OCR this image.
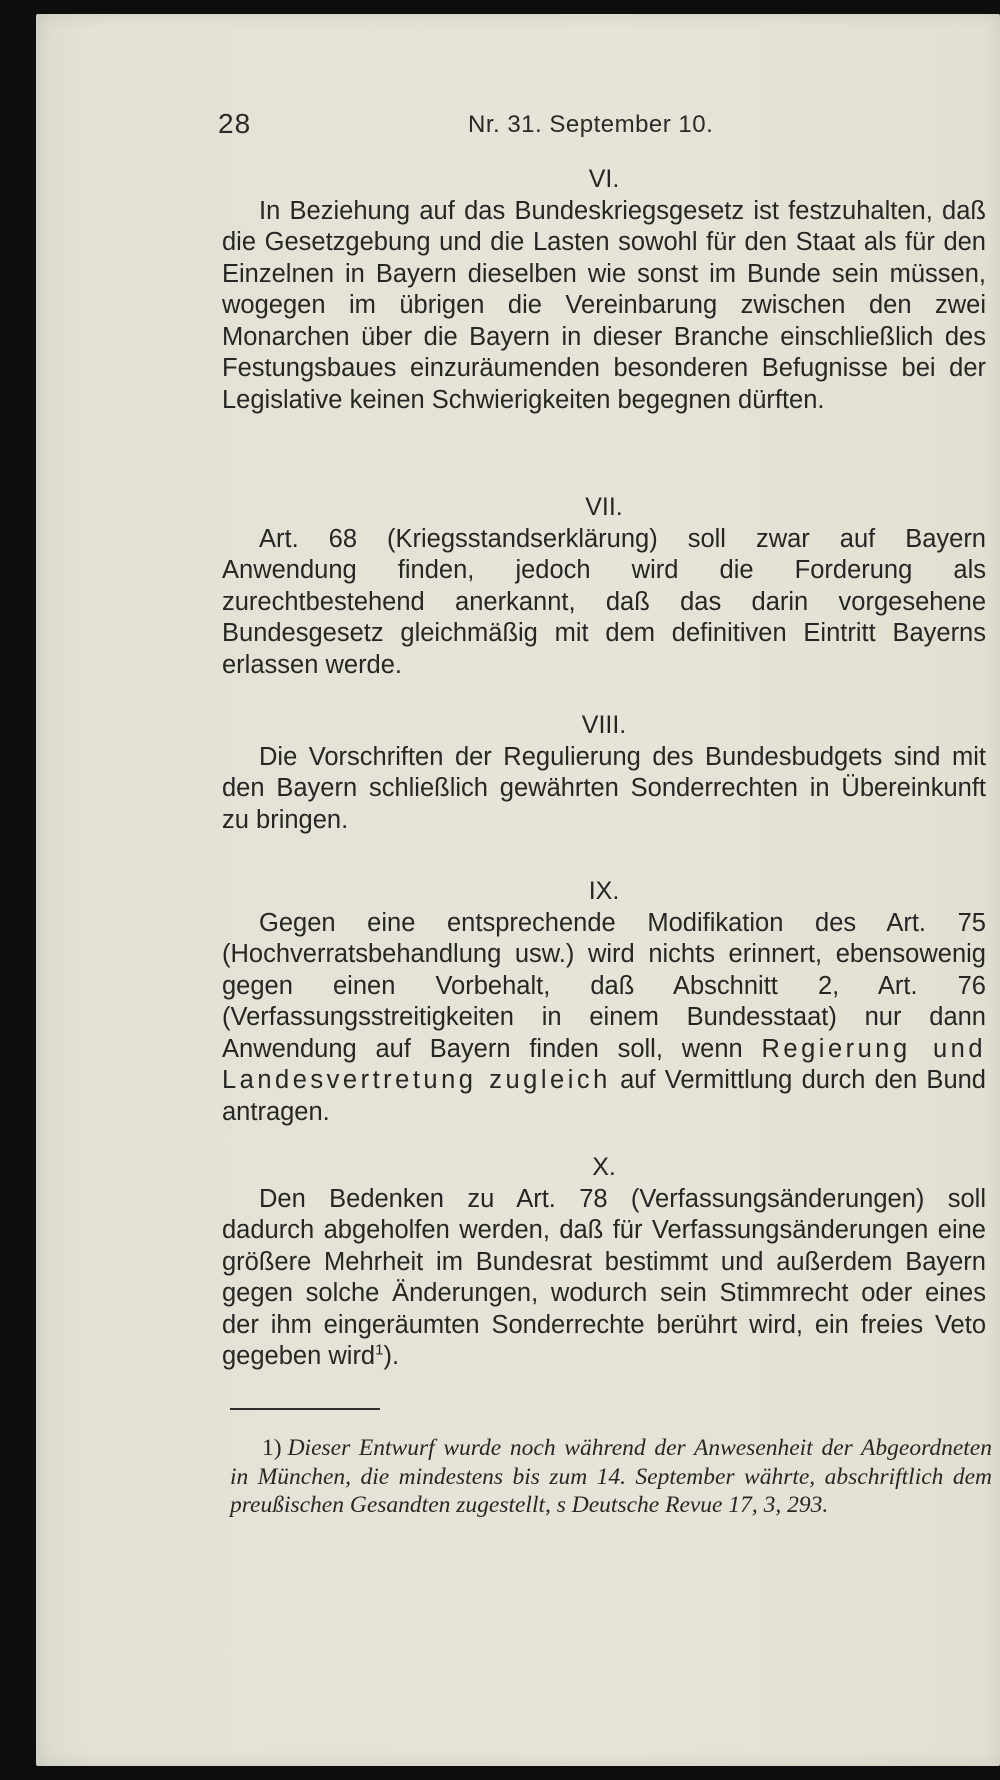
28	Nr. 31. September 10.

VI.

In Beziehung auf das Bundeskriegsgesetz ist festzuhalten, daß die Gesetzgebung und die Lasten sowohl für den Staat als für den Einzelnen in Bayern dieselben wie sonst im Bunde sein müssen, wogegen im übrigen die Vereinbarung zwischen den zwei Monarchen über die Bayern in dieser Branche einschließlich des Festungsbaues einzuräumenden besonderen Befugnisse bei der Legislative keinen Schwierigkeiten begegnen dürften.

VII.

Art. 68 (Kriegsstandserklärung) soll zwar auf Bayern Anwendung finden, jedoch wird die Forderung als zurechtbestehend anerkannt, daß das darin vorgesehene Bundesgesetz gleichmäßig mit dem definitiven Eintritt Bayerns erlassen werde.

VIII.

Die Vorschriften der Regulierung des Bundesbudgets sind mit den Bayern schließlich gewährten Sonderrechten in Übereinkunft zu bringen.

IX.

Gegen eine entsprechende Modifikation des Art. 75 (Hochverratsbehandlung usw.) wird nichts erinnert, ebensowenig gegen einen Vorbehalt, daß Abschnitt 2, Art. 76 (Verfassungsstreitigkeiten in einem Bundesstaat) nur dann Anwendung auf Bayern finden soll, wenn Regierung und Landesvertretung zugleich auf Vermittlung durch den Bund antragen.

X.

Den Bedenken zu Art. 78 (Verfassungsänderungen) soll dadurch abgeholfen werden, daß für Verfassungsänderungen eine größere Mehrheit im Bundesrat bestimmt und außerdem Bayern gegen solche Änderungen, wodurch sein Stimmrecht oder eines der ihm eingeräumten Sonderrechte berührt wird, ein freies Veto gegeben wird$^1$).

1) Dieser Entwurf wurde noch während der Anwesenheit der Abgeordneten in München, die mindestens bis zum 14. September währte, abschriftlich dem preußischen Gesandten zugestellt, s Deutsche Revue 17, 3, 293.
